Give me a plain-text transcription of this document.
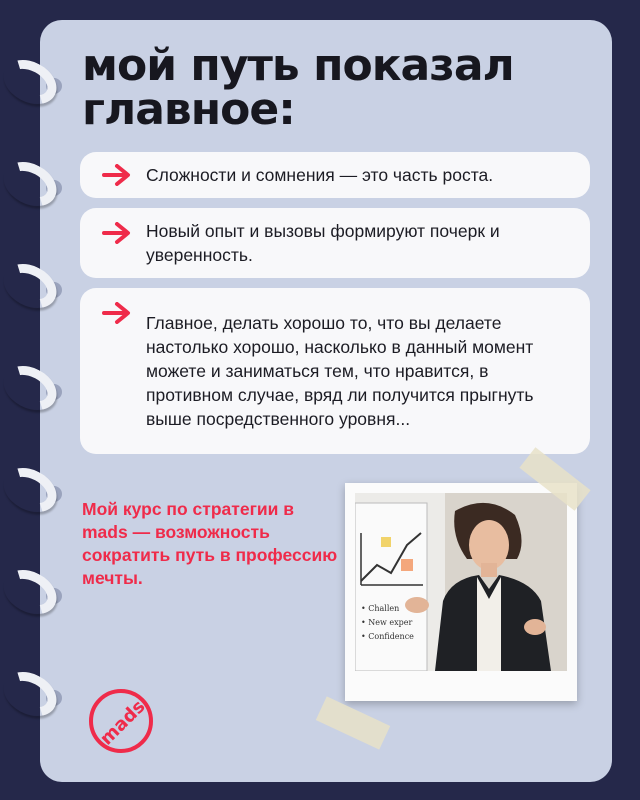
мой путь показал главное:
Сложности и сомнения — это часть роста.
Новый опыт и вызовы формируют почерк и уверенность.
Главное, делать хорошо то, что вы делаете настолько хорошо, насколько в данный момент можете и заниматься тем, что нравится, в противном случае, вряд ли получится прыгнуть выше посредственного уровня...
Мой курс по стратегии в mads — возможность сократить путь в профессию мечты.
• Challen
• New exper
• Confidence
mads
